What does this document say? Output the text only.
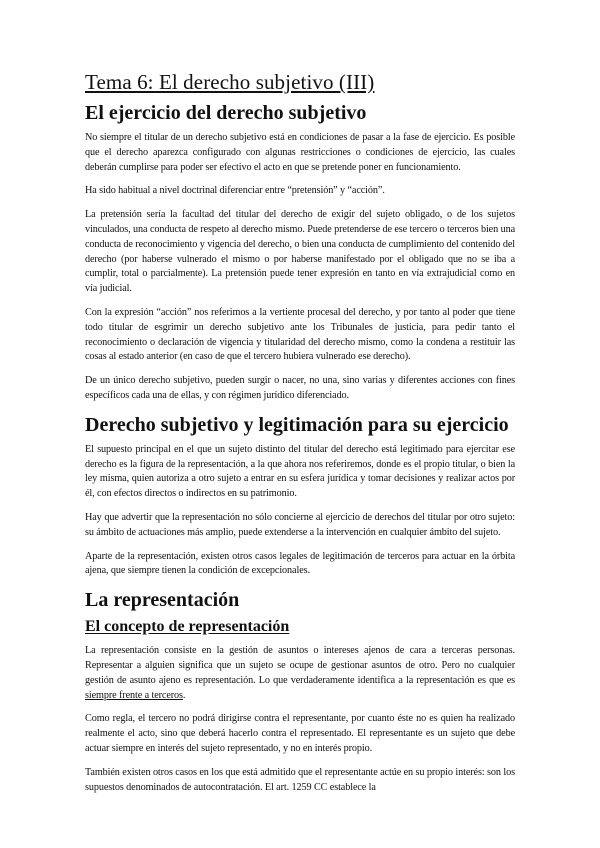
Tema 6: El derecho subjetivo (III)
El ejercicio del derecho subjetivo

No siempre el titular de un derecho subjetivo está en condiciones de pasar a la fase de ejercicio. Es posible que el derecho aparezca configurado con algunas restricciones o condiciones de ejercicio, las cuales deberán cumplirse para poder ser efectivo el acto en que se pretende poner en funcionamiento.

Ha sido habitual a nivel doctrinal diferenciar entre “pretensión” y “acción”.

La pretensión sería la facultad del titular del derecho de exigir del sujeto obligado, o de los sujetos vinculados, una conducta de respeto al derecho mismo. Puede pretenderse de ese tercero o terceros bien una conducta de reconocimiento y vigencia del derecho, o bien una conducta de cumplimiento del contenido del derecho (por haberse vulnerado el mismo o por haberse manifestado por el obligado que no se iba a cumplir, total o parcialmente). La pretensión puede tener expresión en tanto en vía extrajudicial como en vía judicial.

Con la expresión “acción” nos referimos a la vertiente procesal del derecho, y por tanto al poder que tiene todo titular de esgrimir un derecho subjetivo ante los Tribunales de justicia, para pedir tanto el reconocimiento o declaración de vigencia y titularidad del derecho mismo, como la condena a restituir las cosas al estado anterior (en caso de que el tercero hubiera vulnerado ese derecho).

De un único derecho subjetivo, pueden surgir o nacer, no una, sino varias y diferentes acciones con fines específicos cada una de ellas, y con régimen jurídico diferenciado.

Derecho subjetivo y legitimación para su ejercicio

El supuesto principal en el que un sujeto distinto del titular del derecho está legitimado para ejercitar ese derecho es la figura de la representación, a la que ahora nos referiremos, donde es el propio titular, o bien la ley misma, quien autoriza a otro sujeto a entrar en su esfera jurídica y tomar decisiones y realizar actos por él, con efectos directos o indirectos en su patrimonio.

Hay que advertir que la representación no sólo concierne al ejercicio de derechos del titular por otro sujeto: su ámbito de actuaciones más amplio, puede extenderse a la intervención en cualquier ámbito del sujeto.

Aparte de la representación, existen otros casos legales de legitimación de terceros para actuar en la órbita ajena, que siempre tienen la condición de excepcionales.

La representación
El concepto de representación

La representación consiste en la gestión de asuntos o intereses ajenos de cara a terceras personas. Representar a alguien significa que un sujeto se ocupe de gestionar asuntos de otro. Pero no cualquier gestión de asunto ajeno es representación. Lo que verdaderamente identifica a la representación es que es siempre frente a terceros.

Como regla, el tercero no podrá dirigirse contra el representante, por cuanto éste no es quien ha realizado realmente el acto, sino que deberá hacerlo contra el representado. El representante es un sujeto que debe actuar siempre en interés del sujeto representado, y no en interés propio.

También existen otros casos en los que está admitido que el representante actúe en su propio interés: son los supuestos denominados de autocontratación. El art. 1259 CC establece la
